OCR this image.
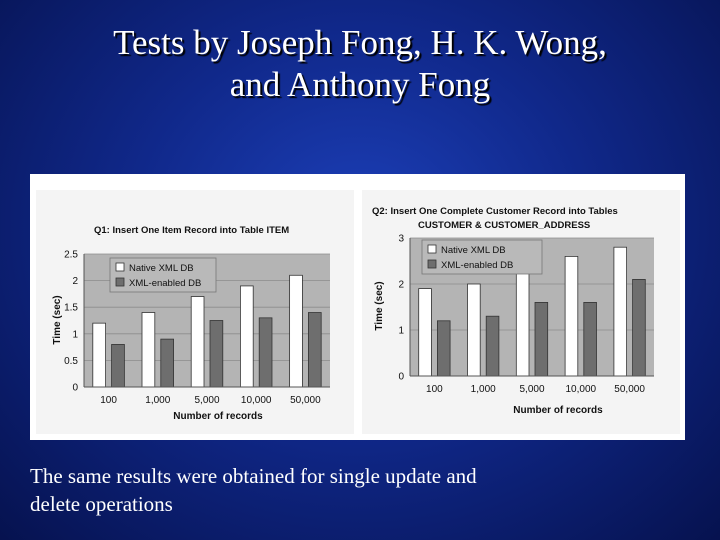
Tests by Joseph Fong, H. K. Wong,
and Anthony Fong
Q1: Insert One Item Record into Table ITEM
0
0.5
1
1.5
2
2.5
100	1,000 5,000 10,000 50,000
Native XML DB
XML-enabled DB
Number of records
Time (sec)
Q2: Insert One Complete Customer Record into Tables
CUSTOMER & CUSTOMER_ADDRESS
0
1
2
3
100	1,000 5,000 10,000 50,000
Native XML DB
XML-enabled DB
Number of records
Time (sec)
The same results were obtained for single update and
delete operations
